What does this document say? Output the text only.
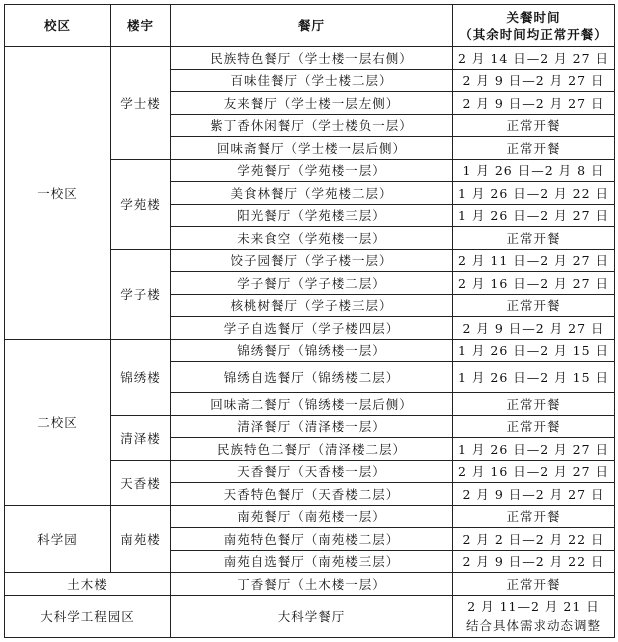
校区	楼宇	餐厅	关餐时间
（其余时间均正常开餐）

一校区	学士楼	民族特色餐厅（学士楼一层右侧）	2 月 14 日—2 月 27 日
		百味佳餐厅（学士楼二层）	2 月 9 日—2 月 27 日
		友来餐厅（学士楼一层左侧）	2 月 9 日—2 月 27 日
		紫丁香休闲餐厅（学士楼负一层）	正常开餐
		回味斋餐厅（学士楼一层后侧）	正常开餐
	学苑楼	学苑餐厅（学苑楼一层）	1 月 26 日—2 月 8 日
		美食林餐厅（学苑楼二层）	1 月 26 日—2 月 22 日
		阳光餐厅（学苑楼三层）	1 月 26 日—2 月 27 日
		未来食空（学苑楼一层）	正常开餐
	学子楼	饺子园餐厅（学子楼一层）	2 月 11 日—2 月 27 日
		学子餐厅（学子楼二层）	2 月 16 日—2 月 27 日
		核桃树餐厅（学子楼三层）	正常开餐
		学子自选餐厅（学子楼四层）	2 月 9 日—2 月 27 日
二校区	锦绣楼	锦绣餐厅（锦绣楼一层）	1 月 26 日—2 月 15 日
		锦绣自选餐厅（锦绣楼二层）	1 月 26 日—2 月 15 日
		回味斋二餐厅（锦绣楼一层后侧）	正常开餐
	清泽楼	清泽餐厅（清泽楼一层）	正常开餐
		民族特色二餐厅（清泽楼二层）	1 月 26 日—2 月 27 日
	天香楼	天香餐厅（天香楼一层）	2 月 16 日—2 月 27 日
		天香特色餐厅（天香楼二层）	2 月 9 日—2 月 27 日
科学园	南苑楼	南苑餐厅（南苑楼一层）	正常开餐
		南苑特色餐厅（南苑楼二层）	2 月 2 日—2 月 22 日
		南苑自选餐厅（南苑楼三层）	2 月 9 日—2 月 22 日
土木楼		丁香餐厅（土木楼一层）	正常开餐
大科学工程园区		大科学餐厅	2 月 11—2 月 21 日
结合具体需求动态调整
